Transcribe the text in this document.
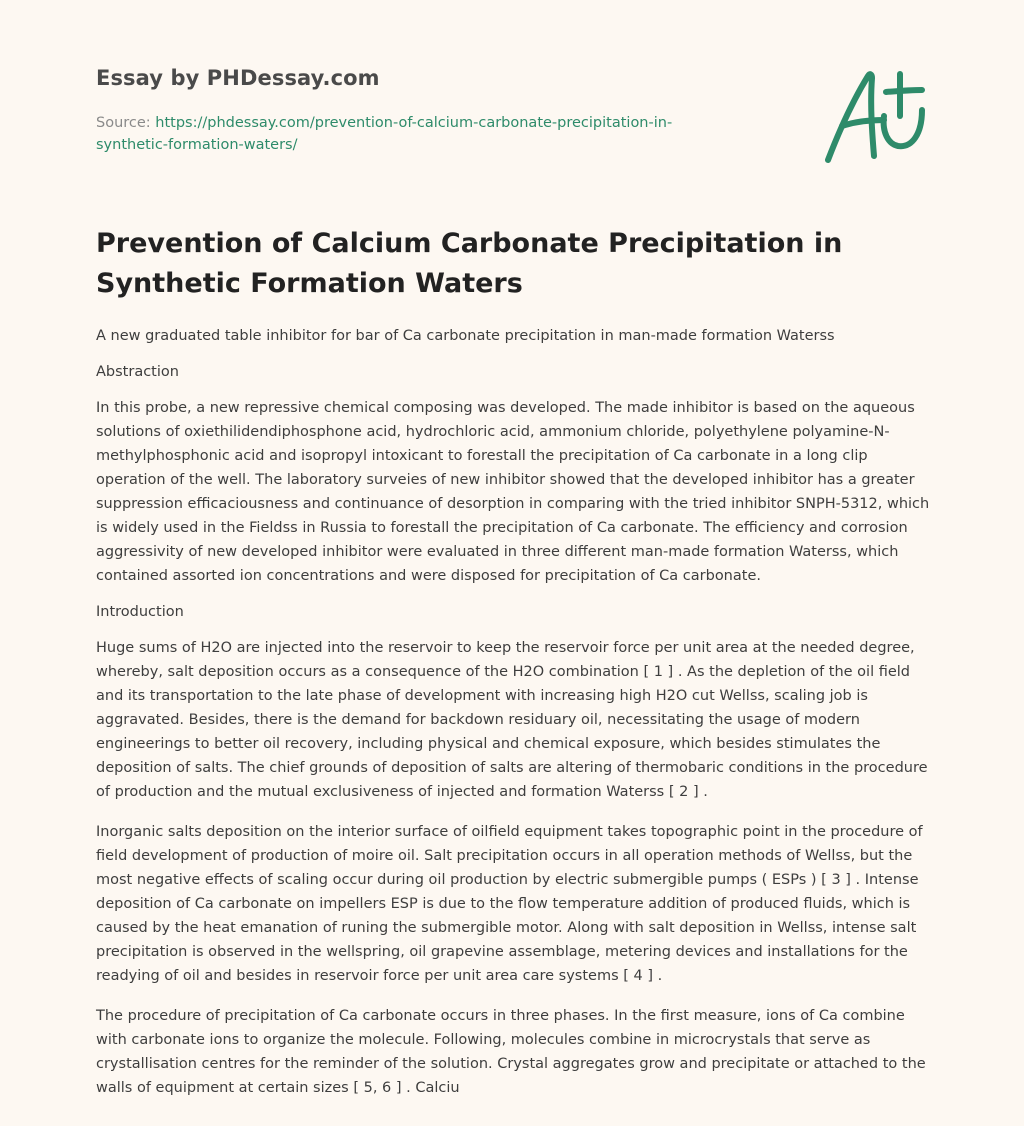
Essay by PHDessay.com
Source: https://phdessay.com/prevention-of-calcium-carbonate-precipitation-in-synthetic-formation-waters/
Prevention of Calcium Carbonate Precipitation in Synthetic Formation Waters

A new graduated table inhibitor for bar of Ca carbonate precipitation in man-made formation Waterss

Abstraction

In this probe, a new repressive chemical composing was developed. The made inhibitor is based on the aqueous solutions of oxiethilidendiphosphone acid, hydrochloric acid, ammonium chloride, polyethylene polyamine-N-methylphosphonic acid and isopropyl intoxicant to forestall the precipitation of Ca carbonate in a long clip operation of the well. The laboratory surveies of new inhibitor showed that the developed inhibitor has a greater suppression efficaciousness and continuance of desorption in comparing with the tried inhibitor SNPH-5312, which is widely used in the Fieldss in Russia to forestall the precipitation of Ca carbonate. The efficiency and corrosion aggressivity of new developed inhibitor were evaluated in three different man-made formation Waterss, which contained assorted ion concentrations and were disposed for precipitation of Ca carbonate.

Introduction

Huge sums of H2O are injected into the reservoir to keep the reservoir force per unit area at the needed degree, whereby, salt deposition occurs as a consequence of the H2O combination [ 1 ] . As the depletion of the oil field and its transportation to the late phase of development with increasing high H2O cut Wellss, scaling job is aggravated. Besides, there is the demand for backdown residuary oil, necessitating the usage of modern engineerings to better oil recovery, including physical and chemical exposure, which besides stimulates the deposition of salts. The chief grounds of deposition of salts are altering of thermobaric conditions in the procedure of production and the mutual exclusiveness of injected and formation Waterss [ 2 ] .

Inorganic salts deposition on the interior surface of oilfield equipment takes topographic point in the procedure of field development of production of moire oil. Salt precipitation occurs in all operation methods of Wellss, but the most negative effects of scaling occur during oil production by electric submergible pumps ( ESPs ) [ 3 ] . Intense deposition of Ca carbonate on impellers ESP is due to the flow temperature addition of produced fluids, which is caused by the heat emanation of runing the submergible motor. Along with salt deposition in Wellss, intense salt precipitation is observed in the wellspring, oil grapevine assemblage, metering devices and installations for the readying of oil and besides in reservoir force per unit area care systems [ 4 ] .

The procedure of precipitation of Ca carbonate occurs in three phases. In the first measure, ions of Ca combine with carbonate ions to organize the molecule. Following, molecules combine in microcrystals that serve as crystallisation centres for the reminder of the solution. Crystal aggregates grow and precipitate or attached to the walls of equipment at certain sizes [ 5, 6 ] . Calciu
